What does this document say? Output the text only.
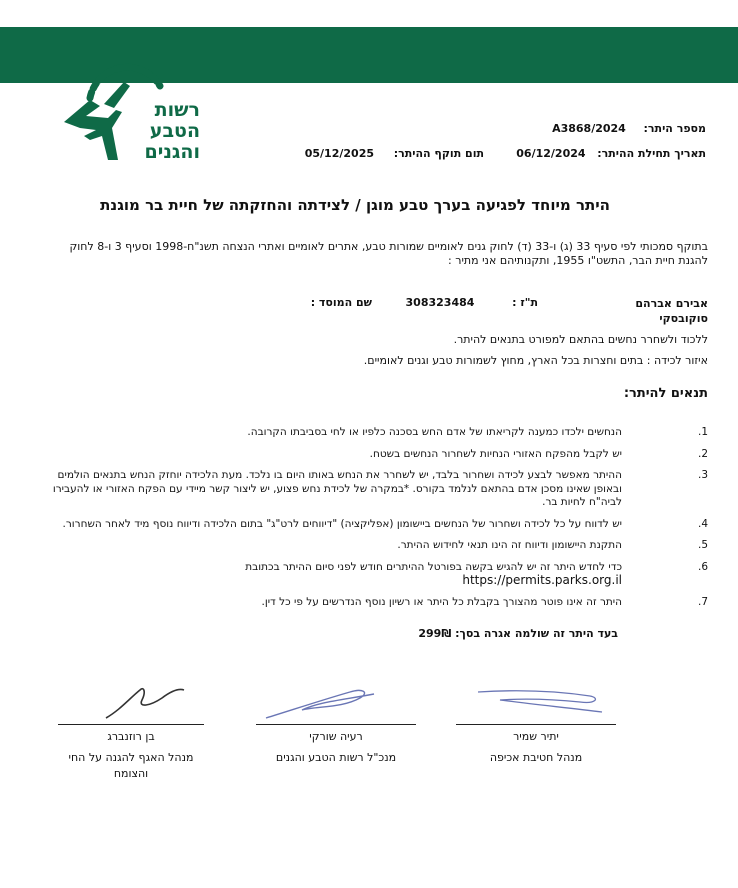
רשות
הטבע
והגנים
מספר היתר:  A3868/2024
תאריך תחילת ההיתר:  06/12/2024
תום תוקף ההיתר:  05/12/2025
היתר מיוחד לפגיעה בערך טבע מוגן / לצידתה והחזקתה של חיית בר מוגנת
בתוקף סמכותי לפי סעיף 33 (ג) ו-33 (ד) לחוק גנים לאומיים שמורות טבע, אתרים לאומיים ואתרי הנצחה תשנ"ח-1998 וסעיף 3 ו-8 לחוק להגנת חיית הבר, התשט"ו 1955, ותקנותיהם אני מתיר :
אבירם אברהם סוקובסקי
ת"ז :  308323484
שם המוסד :
ללכוד ולשחרר נחשים בהתאם למפורט בתנאים להיתר.
איזור לכידה : בתים וחצרות בכל הארץ, מחוץ לשמורות טבע וגנים לאומיים.
תנאים להיתר:
1.
הנחשים ילכדו כמענה לקריאתו של אדם החש בסכנה כלפיו או לחי בסביבתו הקרובה.
2.
יש לקבל מהפקח האזורי הנחיות לשחרור הנחשים בשטח.
3.
ההיתר מאפשר לבצע לכידה ושחרור בלבד, יש לשחרר את הנחש באותו היום בו נלכד. מעת הלכידה יוחזק הנחש בתנאים הולמים ובאופן שאינו מסכן אדם בהתאם לנלמד בקורס. *במקרה של לכידת נחש פצוע, יש ליצור קשר מיידי עם הפקח האזורי או להעבירו לביה"ח לחיות בר.
4.
יש לדווח על כל לכידה ושחרור של הנחשים ביישומון (אפליקציה) "דיווחים לרט"ג" בתום הלכידה ודיווח נוסף מיד לאחר השחרור.
5.
התקנת היישומון ודיווח זה הינו תנאי לחידוש ההיתר.
6.
כדי לחדש היתר זה יש להגיש בקשה בפורטל ההיתרים חודש לפני סיום ההיתר בכתובת
https://permits.parks.org.il
7.
היתר זה אינו פוטר מהצורך בקבלת כל היתר או רשיון נוסף הנדרשים על פי כל דין.
בעד היתר זה שולמה אגרה בסך: 299₪
יתיר שמיר
מנהל חטיבת אכיפה
רעיה שורקי
מנכ"ל רשות הטבע והגנים
בן רוזנברג
מנהל האגף להגנה על החי והצומח
